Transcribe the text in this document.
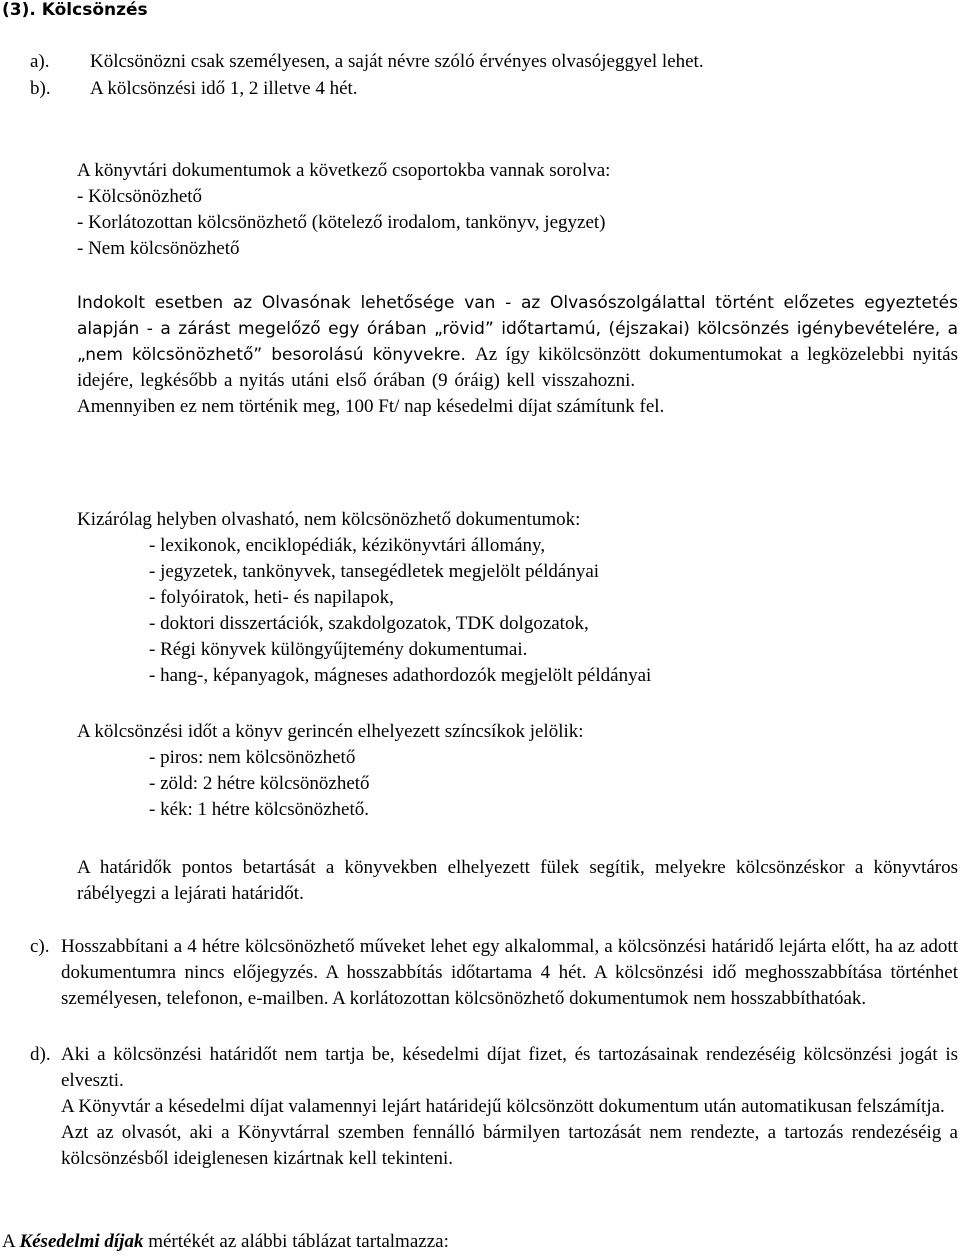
(3). Kölcsönzés
a).	Kölcsönözni csak személyesen, a saját névre szóló érvényes olvasójeggyel lehet.
b).	A kölcsönzési idő 1, 2 illetve 4 hét.
A könyvtári dokumentumok a következő csoportokba vannak sorolva:
- Kölcsönözhető
- Korlátozottan kölcsönözhető (kötelező irodalom, tankönyv, jegyzet)
- Nem kölcsönözhető

Indokolt esetben az Olvasónak lehetősége van - az Olvasószolgálattal történt előzetes egyeztetés alapján - a zárást megelőző egy órában „rövid” időtartamú, (éjszakai) kölcsönzés igénybevételére, a „nem kölcsönözhető” besorolású könyvekre. Az így kikölcsönzött dokumentumokat a legközelebbi nyitás idejére, legkésőbb a nyitás utáni első órában (9 óráig) kell visszahozni.

Amennyiben ez nem történik meg, 100 Ft/ nap késedelmi díjat számítunk fel.

Kizárólag helyben olvasható, nem kölcsönözhető dokumentumok:
- lexikonok, enciklopédiák, kézikönyvtári állomány,
- jegyzetek, tankönyvek, tansegédletek megjelölt példányai
- folyóiratok, heti- és napilapok,
- doktori disszertációk, szakdolgozatok, TDK dolgozatok,
- Régi könyvek különgyűjtemény dokumentumai.
- hang-, képanyagok, mágneses adathordozók megjelölt példányai
A kölcsönzési időt a könyv gerincén elhelyezett színcsíkok jelölik:
- piros: nem kölcsönözhető
- zöld: 2 hétre kölcsönözhető
- kék: 1 hétre kölcsönözhető.
A határidők pontos betartását a könyvekben elhelyezett fülek segítik, melyekre kölcsönzéskor a könyvtáros rábélyegzi a lejárati határidőt.
c). Hosszabbítani a 4 hétre kölcsönözhető műveket lehet egy alkalommal, a kölcsönzési határidő lejárta előtt, ha az adott dokumentumra nincs előjegyzés. A hosszabbítás időtartama 4 hét. A kölcsönzési idő meghosszabbítása történhet személyesen, telefonon, e-mailben. A korlátozottan kölcsönözhető dokumentumok nem hosszabbíthatóak.
d). Aki a kölcsönzési határidőt nem tartja be, késedelmi díjat fizet, és tartozásainak rendezéséig kölcsönzési jogát is elveszti.
A Könyvtár a késedelmi díjat valamennyi lejárt határidejű kölcsönzött dokumentum után automatikusan felszámítja.
Azt az olvasót, aki a Könyvtárral szemben fennálló bármilyen tartozását nem rendezte, a tartozás rendezéséig a kölcsönzésből ideiglenesen kizártnak kell tekinteni.
A Késedelmi díjak mértékét az alábbi táblázat tartalmazza:
